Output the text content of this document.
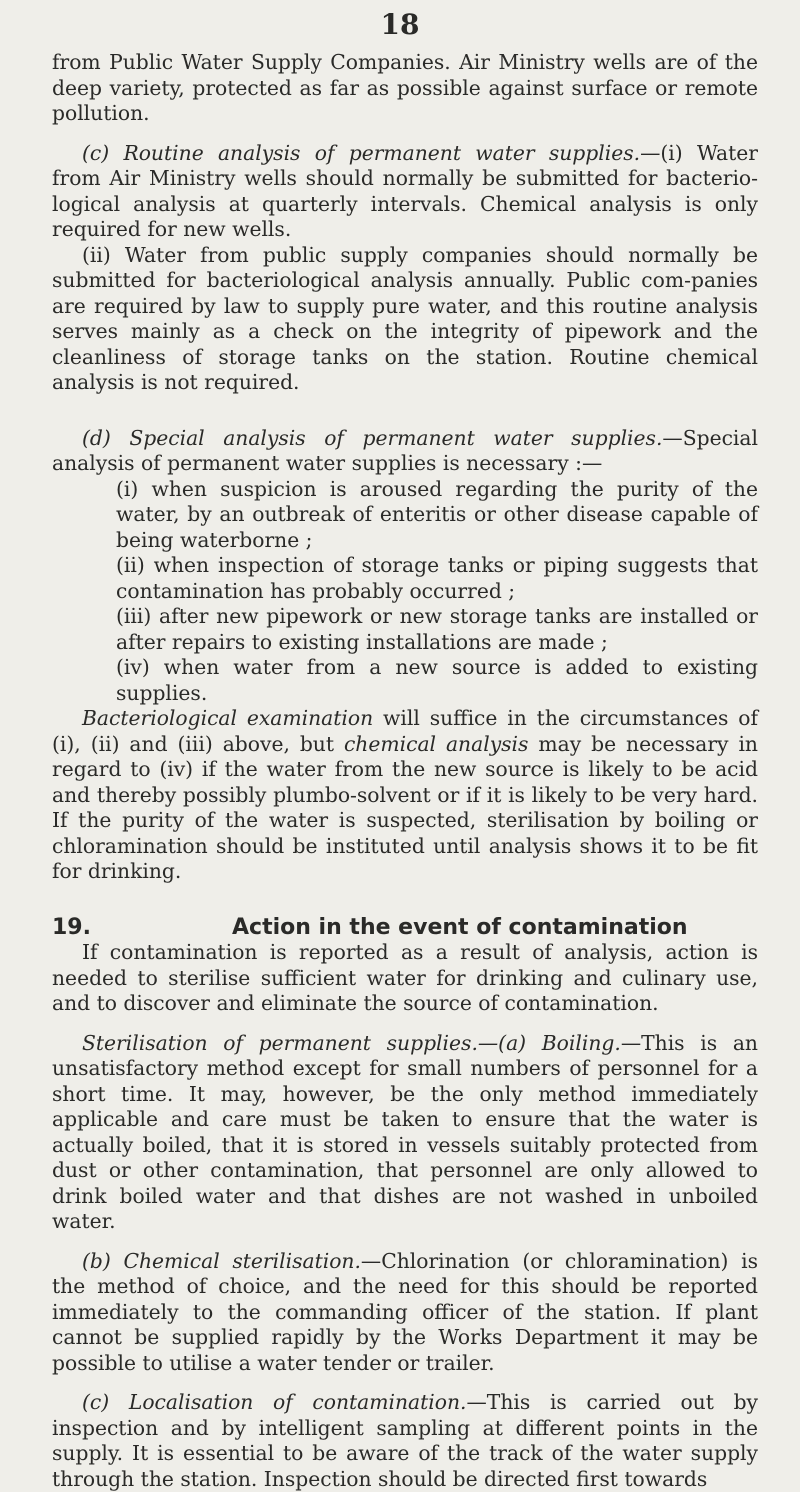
18

from Public Water Supply Companies. Air Ministry wells are of the deep variety, protected as far as possible against surface or remote pollution.

(c) Routine analysis of permanent water supplies.—(i) Water from Air Ministry wells should normally be submitted for bacterio-logical analysis at quarterly intervals. Chemical analysis is only required for new wells.

(ii) Water from public supply companies should normally be submitted for bacteriological analysis annually. Public com-panies are required by law to supply pure water, and this routine analysis serves mainly as a check on the integrity of pipework and the cleanliness of storage tanks on the station. Routine chemical analysis is not required.

(d) Special analysis of permanent water supplies.—Special analysis of permanent water supplies is necessary :—

(i) when suspicion is aroused regarding the purity of the water, by an outbreak of enteritis or other disease capable of being waterborne ;

(ii) when inspection of storage tanks or piping suggests that contamination has probably occurred ;

(iii) after new pipework or new storage tanks are installed or after repairs to existing installations are made ;

(iv) when water from a new source is added to existing supplies.

Bacteriological examination will suffice in the circumstances of (i), (ii) and (iii) above, but chemical analysis may be necessary in regard to (iv) if the water from the new source is likely to be acid and thereby possibly plumbo-solvent or if it is likely to be very hard. If the purity of the water is suspected, sterilisation by boiling or chloramination should be instituted until analysis shows it to be fit for drinking.

19.	Action in the event of contamination

If contamination is reported as a result of analysis, action is needed to sterilise sufficient water for drinking and culinary use, and to discover and eliminate the source of contamination.

Sterilisation of permanent supplies.—(a) Boiling.—This is an unsatisfactory method except for small numbers of personnel for a short time. It may, however, be the only method immediately applicable and care must be taken to ensure that the water is actually boiled, that it is stored in vessels suitably protected from dust or other contamination, that personnel are only allowed to drink boiled water and that dishes are not washed in unboiled water.

(b) Chemical sterilisation.—Chlorination (or chloramination) is the method of choice, and the need for this should be reported immediately to the commanding officer of the station. If plant cannot be supplied rapidly by the Works Department it may be possible to utilise a water tender or trailer.

(c) Localisation of contamination.—This is carried out by inspection and by intelligent sampling at different points in the supply. It is essential to be aware of the track of the water supply through the station. Inspection should be directed first towards
